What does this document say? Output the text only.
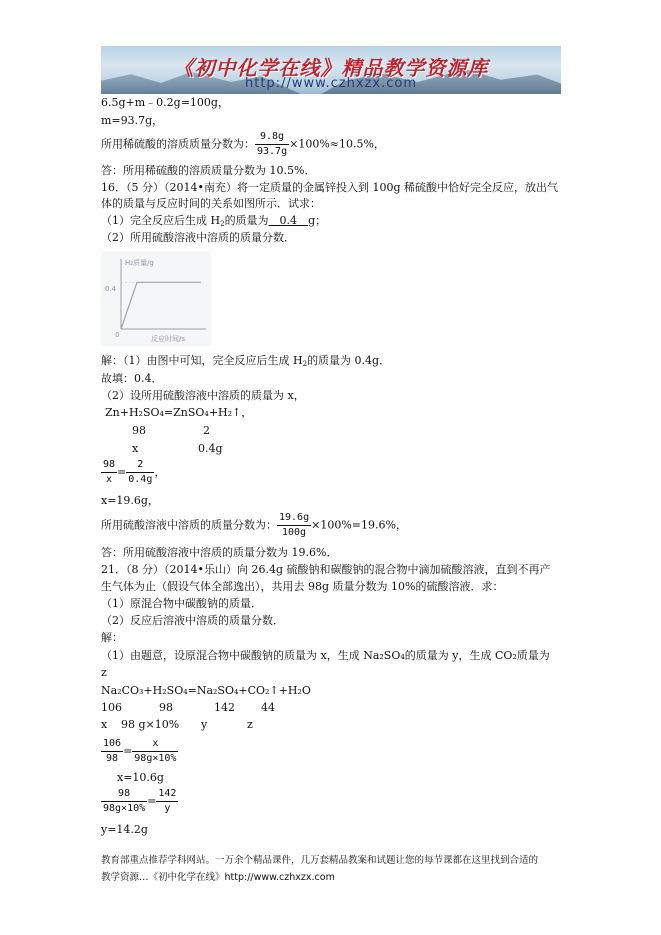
《初中化学在线》精品教学资源库
http://www.czhxzx.com
6.5g+m﹣0.2g=100g，
m=93.7g，
所用稀硫酸的溶质质量分数为： $\frac{9.8g}{93.7g} \times 100\%\approx 10.5\%$，
答：所用稀硫酸的溶质质量分数为 10.5%．
16．（5 分）（2014•南充）将一定质量的金属锌投入到 100g 稀硫酸中恰好完全反应，放出气
体的质量与反应时间的关系如图所示．试求：
（1）完全反应后生成 $H_2$的质量为　0.4　g；
（2）所用硫酸溶液中溶质的质量分数．
H₂质量/g
反应时间/s
0.4
0
解：（1）由图中可知，完全反应后生成 $H_2$的质量为 0.4g．
故填：0.4．
（2）设所用硫酸溶液中溶质的质量为 x，
Zn+H₂SO₄=ZnSO₄+H₂↑，
98	2
x	0.4g
$\frac{98}{x} = \frac{2}{0.4g}$ ，
x=19.6g，
所用硫酸溶液中溶质的质量分数为： $\frac{19.6g}{100g} \times 100\%=19.6\%$，
答：所用硫酸溶液中溶质的质量分数为 19.6%．
21．（8 分）（2014•乐山）向 26.4g 硫酸钠和碳酸钠的混合物中滴加硫酸溶液，直到不再产
生气体为止（假设气体全部逸出），共用去 98g 质量分数为 10%的硫酸溶液．求：
（1）原混合物中碳酸钠的质量．
（2）反应后溶液中溶质的质量分数．
解：
（1）由题意，设原混合物中碳酸钠的质量为 x，生成 Na₂SO₄的质量为 y，生成 CO₂质量为
z
Na₂CO₃+H₂SO₄=Na₂SO₄+CO₂↑+H₂O
106	98	142 44
x 98 g×10% y	z
$\frac{106}{98} = \frac{x}{98g\times 10\%}$
x=10.6g
$\frac{98}{98g\times 10\%} = \frac{142}{y}$
y=14.2g
教育部重点推荐学科网站。一万余个精品课件，几万套精品教案和试题让您的每节课都在这里找到合适的
教学资源…《初中化学在线》http://www.czhxzx.com
